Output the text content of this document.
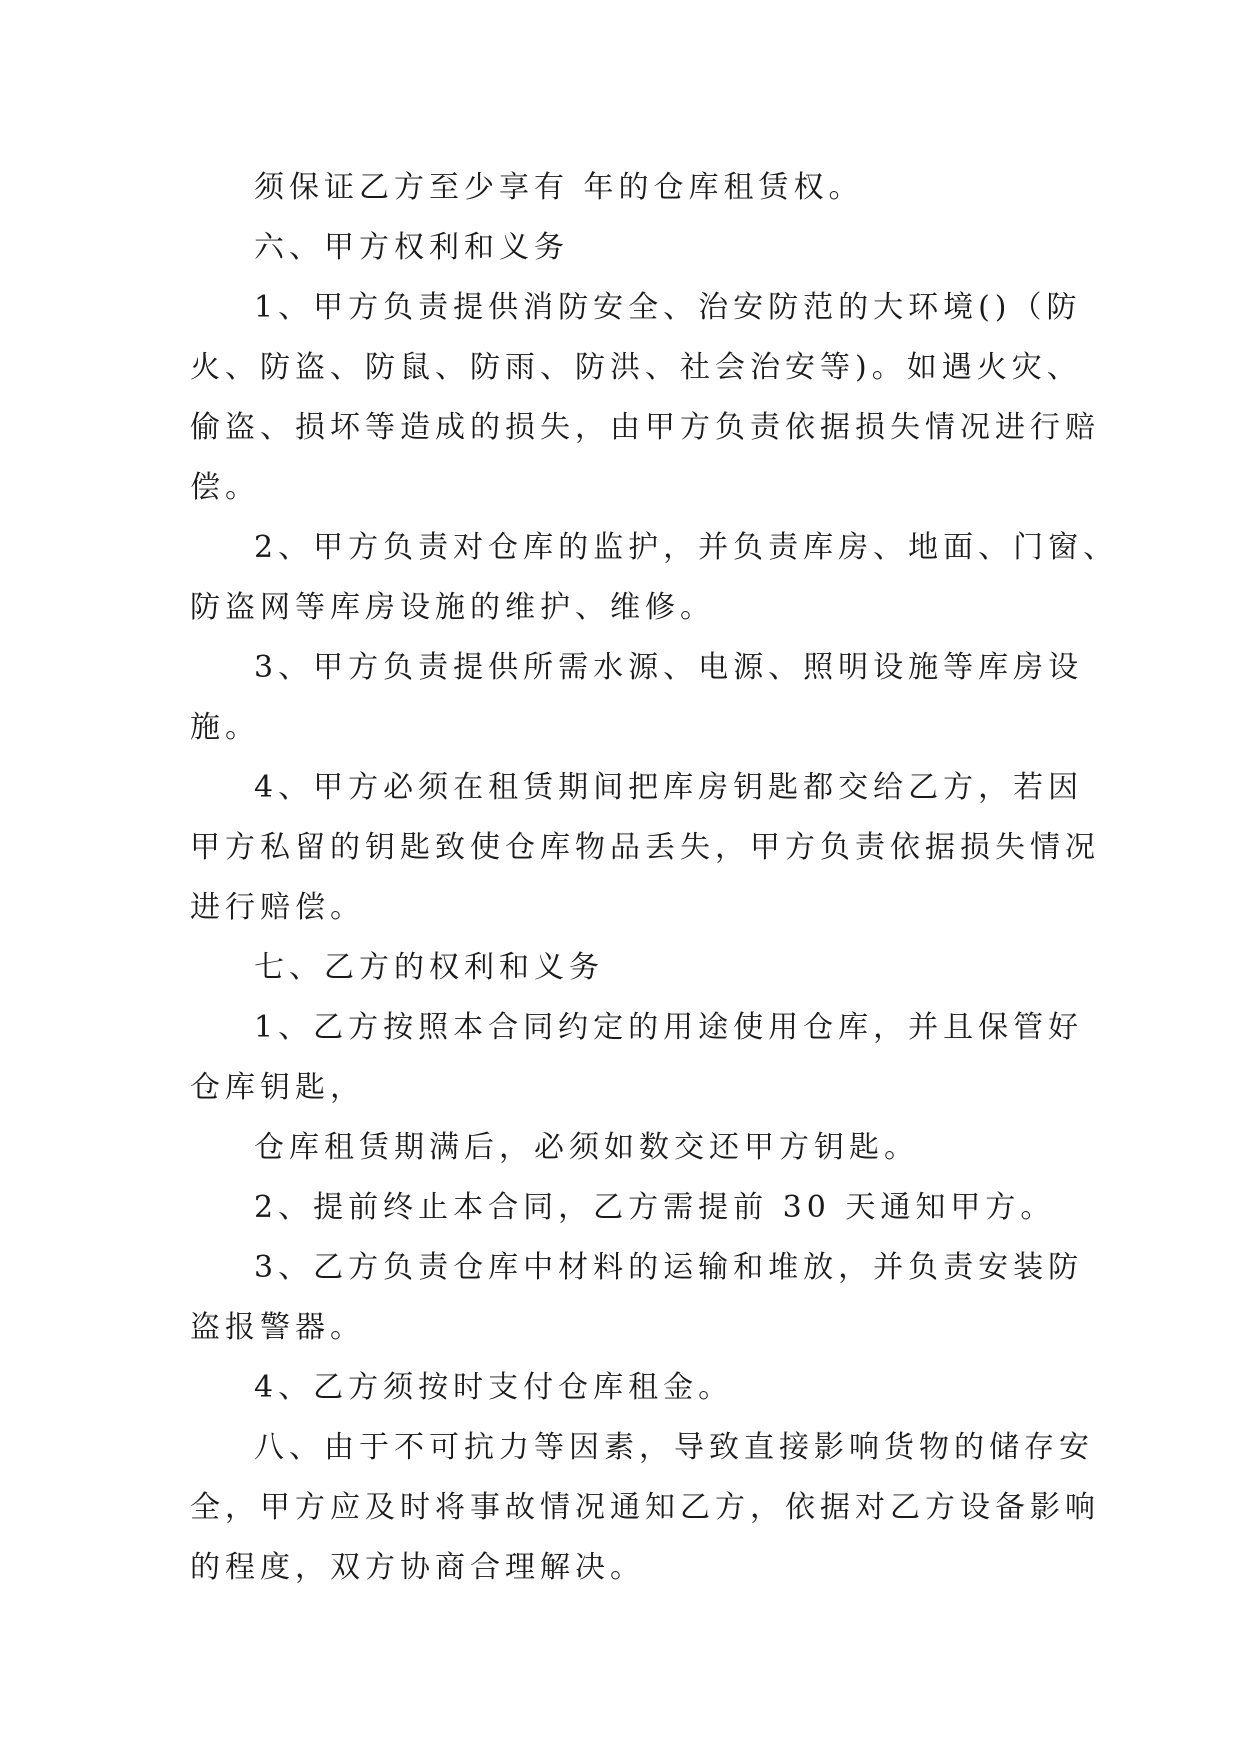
须保证乙方至少享有 年的仓库租赁权。
六、甲方权利和义务
1、甲方负责提供消防安全、治安防范的大环境()（防
火、防盗、防鼠、防雨、防洪、社会治安等)。如遇火灾、
偷盗、损坏等造成的损失，由甲方负责依据损失情况进行赔
偿。
2、甲方负责对仓库的监护，并负责库房、地面、门窗、
防盗网等库房设施的维护、维修。
3、甲方负责提供所需水源、电源、照明设施等库房设
施。
4、甲方必须在租赁期间把库房钥匙都交给乙方，若因
甲方私留的钥匙致使仓库物品丢失，甲方负责依据损失情况
进行赔偿。
七、乙方的权利和义务
1、乙方按照本合同约定的用途使用仓库，并且保管好
仓库钥匙，
仓库租赁期满后，必须如数交还甲方钥匙。
2、提前终止本合同，乙方需提前 30 天通知甲方。
3、乙方负责仓库中材料的运输和堆放，并负责安装防
盗报警器。
4、乙方须按时支付仓库租金。
八、由于不可抗力等因素，导致直接影响货物的储存安
全，甲方应及时将事故情况通知乙方，依据对乙方设备影响
的程度，双方协商合理解决。
